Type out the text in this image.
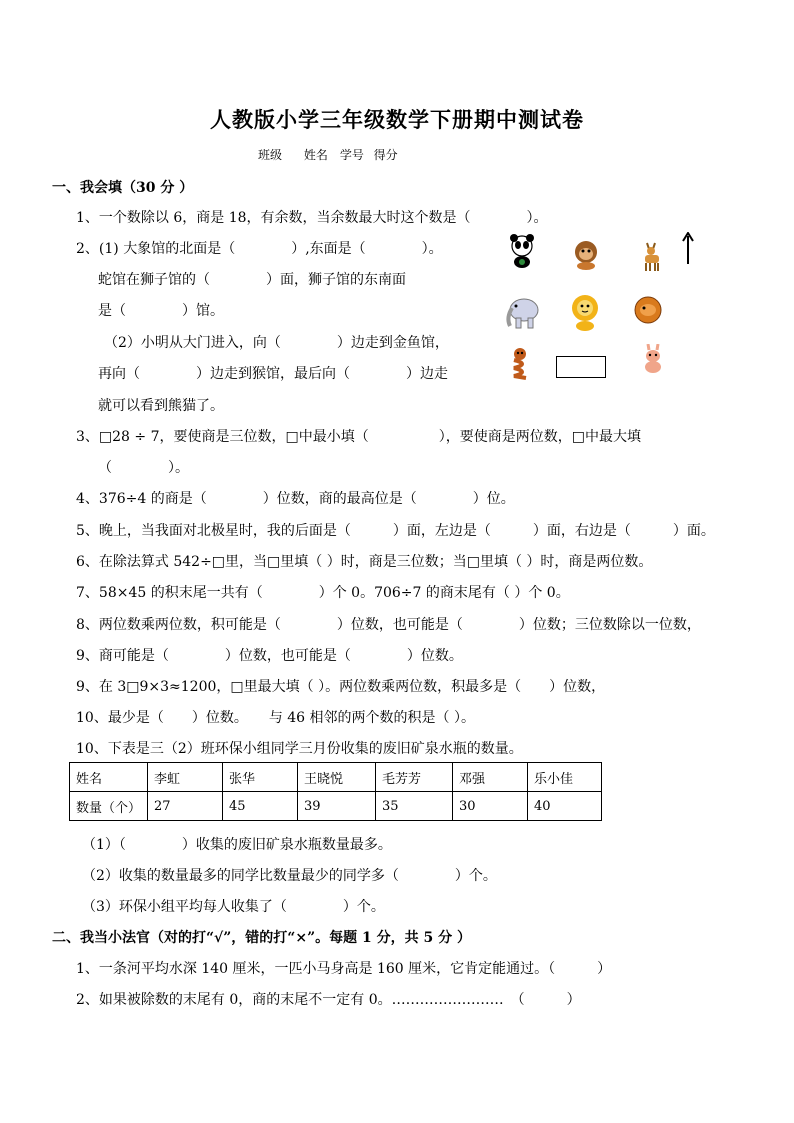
人教版小学三年级数学下册期中测试卷
班级　 姓名　学号 得分
一、我会填（30 分 ）
1、一个数除以 6，商是 18，有余数，当余数最大时这个数是（　　　　）。
2、(1) 大象馆的北面是（　　　　）,东面是（　　　　）。
蛇馆在狮子馆的（　　　　）面，狮子馆的东南面
是（　　　　）馆。
（2）小明从大门进入，向（　　　　）边走到金鱼馆，
再向（　　　　）边走到猴馆，最后向（　　　　）边走
就可以看到熊猫了。
3、□28 ÷ 7，要使商是三位数，□中最小填（　　　　　），要使商是两位数，□中最大填
（　　　　）。
4、376÷4 的商是（　　　　）位数，商的最高位是（　　　　）位。
5、晚上，当我面对北极星时，我的后面是（　　　）面，左边是（　　　）面，右边是（　　　）面。
6、在除法算式 542÷□里，当□里填（ ）时，商是三位数；当□里填（ ）时，商是两位数。
7、58×45 的积末尾一共有（　　　　）个 0。706÷7 的商末尾有（ ）个 0。
8、两位数乘两位数，积可能是（　　　　）位数，也可能是（　　　　）位数；三位数除以一位数，
9、商可能是（　　　　）位数，也可能是（　　　　）位数。
9、在 3□9×3≈1200，□里最大填（ ）。两位数乘两位数，积最多是（　　）位数，
10、最少是（　　）位数。　　与 46 相邻的两个数的积是（ ）。
10、下表是三（2）班环保小组同学三月份收集的废旧矿泉水瓶的数量。
姓名	李虹	张华	王晓悦	毛芳芳	邓强	乐小佳
数量（个）	27	45	39	35	30	40
（1）（　　　　）收集的废旧矿泉水瓶数量最多。
（2）收集的数量最多的同学比数量最少的同学多（　　　　）个。
（3）环保小组平均每人收集了（　　　　）个。
二、我当小法官（对的打“√”，错的打“×”。每题 1 分，共 5 分 ）
1、一条河平均水深 140 厘米，一匹小马身高是 160 厘米，它肯定能通过。（　　　）
2、如果被除数的末尾有 0，商的末尾不一定有 0。……………………　（　　　）
